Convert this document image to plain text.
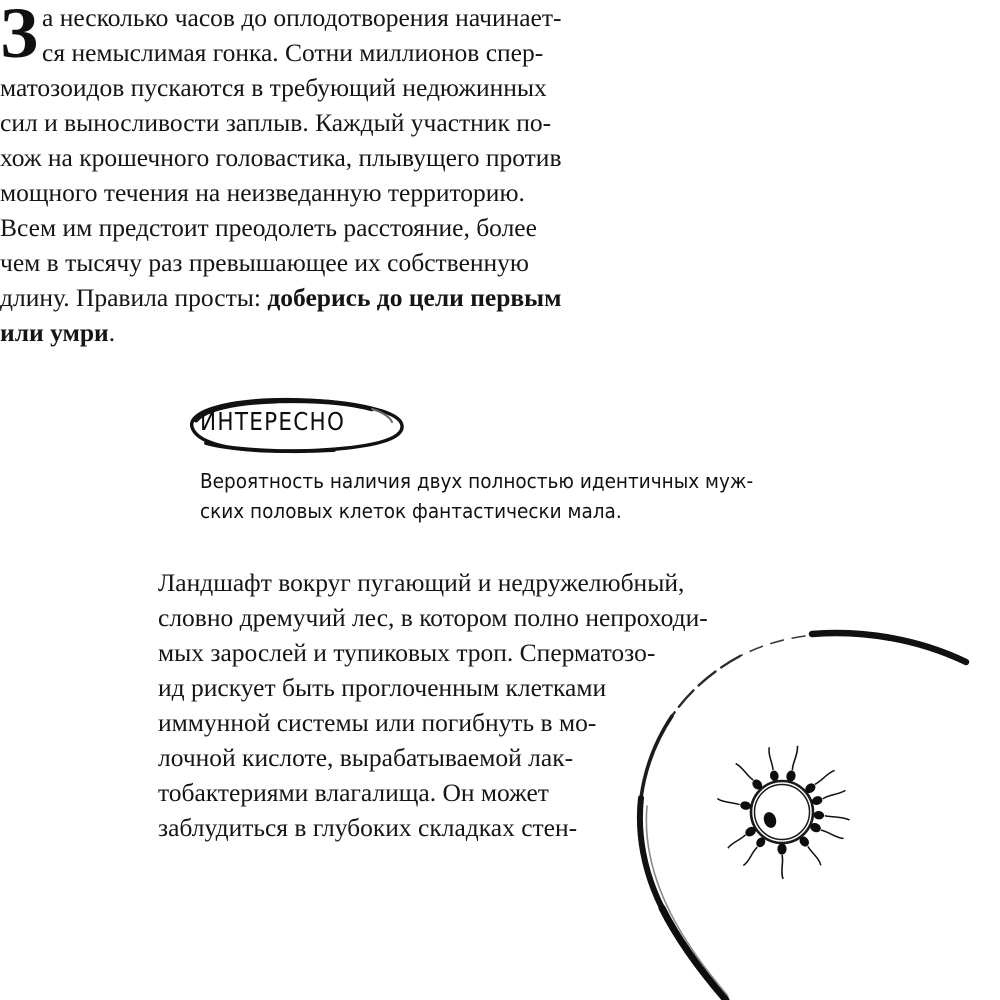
З а несколько часов до оплодотворения начинает-
ся немыслимая гонка. Сотни миллионов спер-
матозоидов пускаются в требующий недюжинных
сил и выносливости заплыв. Каждый участник по-
хож на крошечного головастика, плывущего против
мощного течения на неизведанную территорию.
Всем им предстоит преодолеть расстояние, более
чем в тысячу раз превышающее их собственную
длину. Правила просты: доберись до цели первым
или умри.
ИНТЕРЕСНО
Вероятность наличия двух полностью идентичных муж-
ских половых клеток фантастически мала.
Ландшафт вокруг пугающий и недружелюбный,
словно дремучий лес, в котором полно непроходи-
мых зарослей и тупиковых троп. Сперматозо-
ид рискует быть проглоченным клетками
иммунной системы или погибнуть в мо-
лочной кислоте, вырабатываемой лак-
тобактериями влагалища. Он может
заблудиться в глубоких складках стен-
